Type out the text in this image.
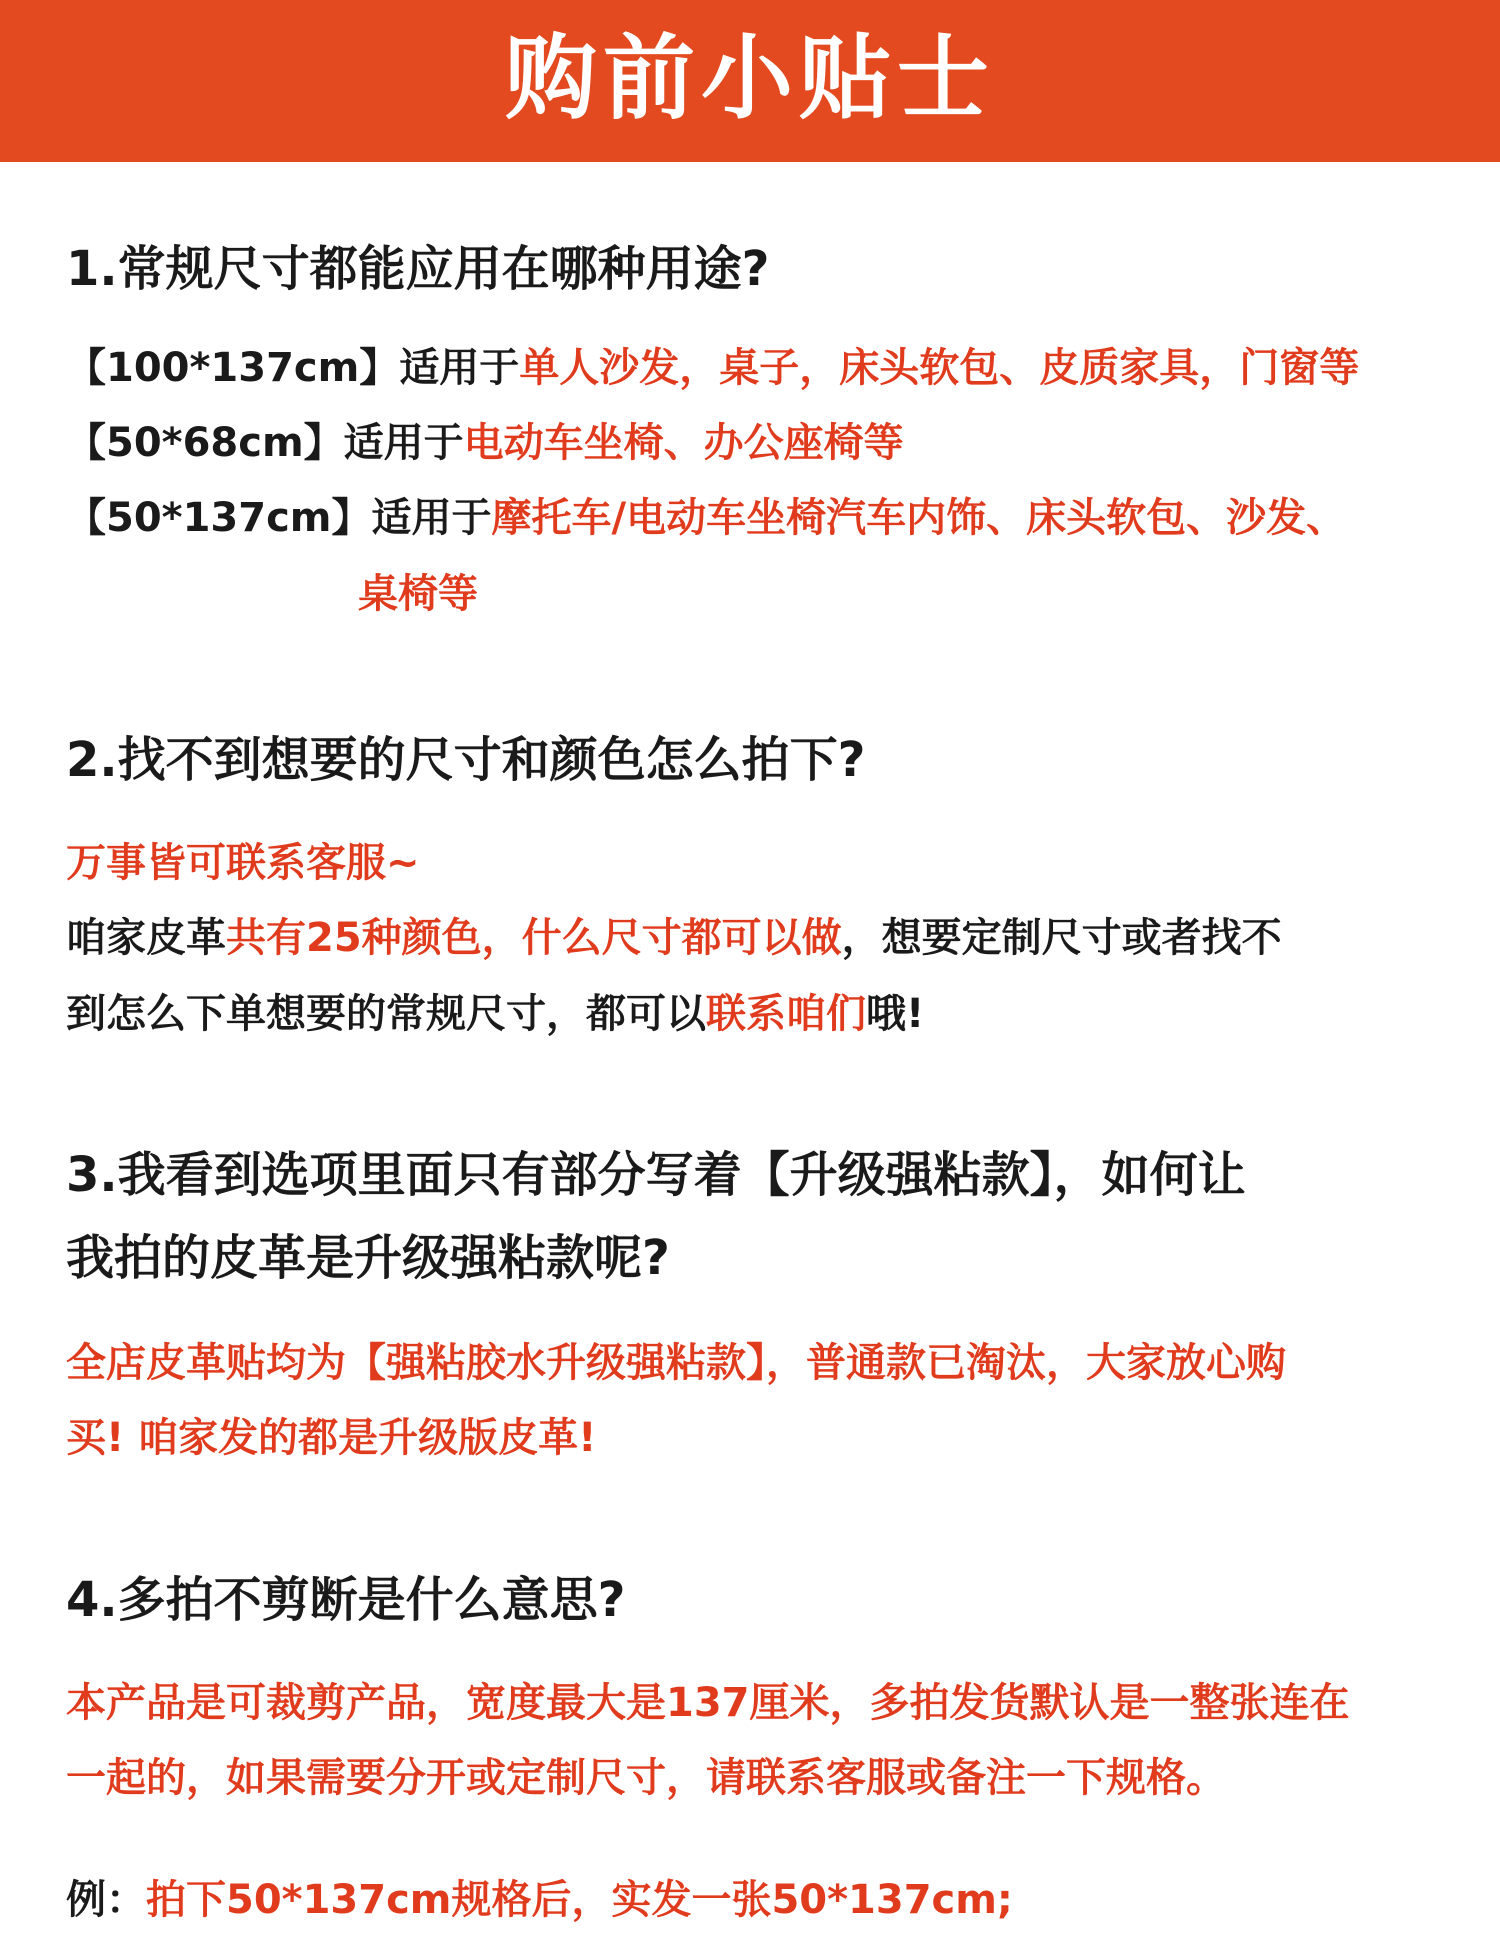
购前小贴士
1.常规尺寸都能应用在哪种用途?
【100*137cm】适用于单人沙发，桌子，床头软包、皮质家具，门窗等
【50*68cm】适用于电动车坐椅、办公座椅等
【50*137cm】适用于摩托车/电动车坐椅汽车内饰、床头软包、沙发、
桌椅等
2.找不到想要的尺寸和颜色怎么拍下?
万事皆可联系客服~
咱家皮革共有25种颜色，什么尺寸都可以做，想要定制尺寸或者找不
到怎么下单想要的常规尺寸，都可以联系咱们哦!
3.我看到选项里面只有部分写着【升级强粘款】，如何让
我拍的皮革是升级强粘款呢?
全店皮革贴均为【强粘胶水升级强粘款】，普通款已淘汰，大家放心购
买! 咱家发的都是升级版皮革!
4.多拍不剪断是什么意思?
本产品是可裁剪产品，宽度最大是137厘米，多拍发货默认是一整张连在
一起的，如果需要分开或定制尺寸，请联系客服或备注一下规格。
例：拍下50*137cm规格后，实发一张50*137cm;
